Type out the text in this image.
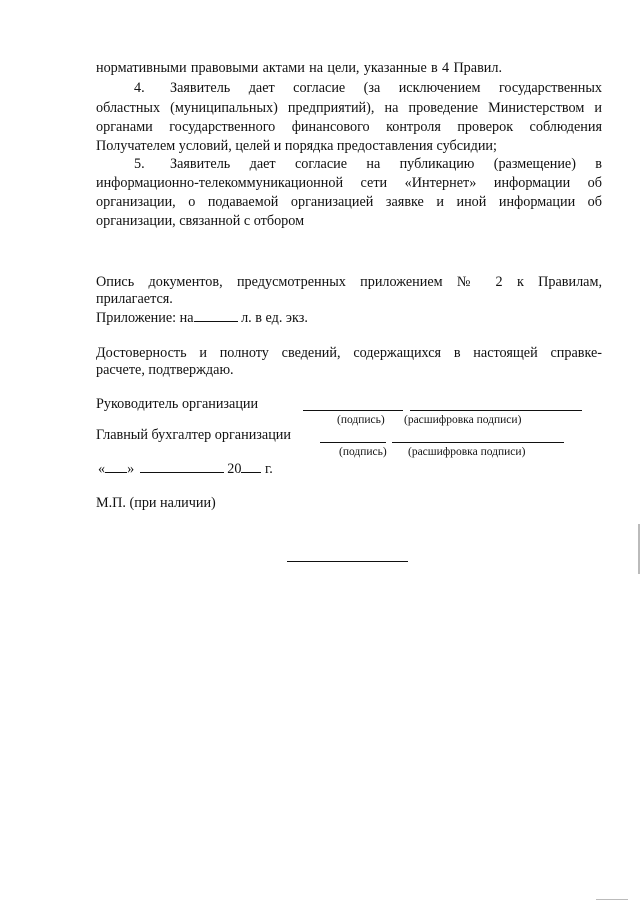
нормативными правовыми актами на цели, указанные в 4 Правил.
4. Заявитель дает согласие (за исключением государственных
областных (муниципальных) предприятий), на проведение Министерством и
органами государственного финансового контроля проверок соблюдения
Получателем условий, целей и порядка предоставления субсидии;
5. Заявитель дает согласие на публикацию (размещение) в
информационно-телекоммуникационной сети «Интернет» информации об
организации, о подаваемой организацией заявке и иной информации об
организации, связанной с отбором
Опись документов, предусмотренных приложением № 2 к Правилам,
прилагается.
Приложение: на	л. в ед. экз.
Достоверность и полноту сведений, содержащихся в настоящей справке-
расчете, подтверждаю.
Руководитель организации
(подпись) (расшифровка подписи)
Главный бухгалтер организации
(подпись) (расшифровка подписи)
« »	20 г.
М.П. (при наличии)
